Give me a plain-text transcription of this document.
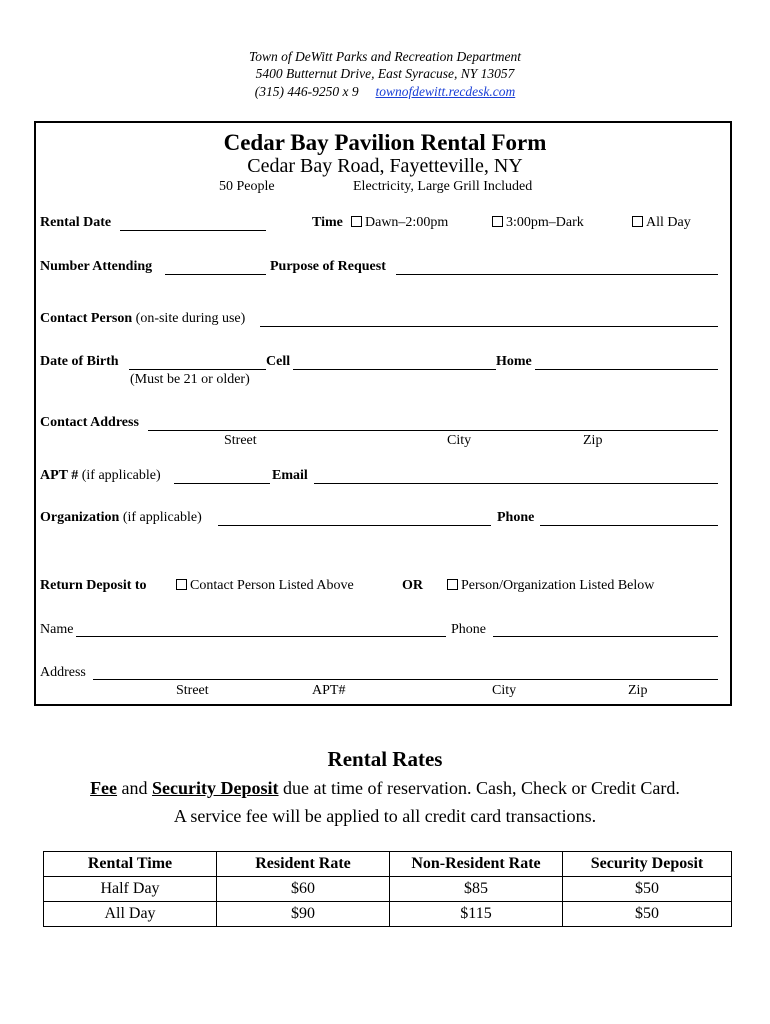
Town of DeWitt Parks and Recreation Department
5400 Butternut Drive, East Syracuse, NY 13057
(315) 446-9250 x 9 townofdewitt.recdesk.com
Cedar Bay Pavilion Rental Form
Cedar Bay Road, Fayetteville, NY
50 People	Electricity, Large Grill Included
Rental Date	Time	Dawn–2:00pm	3:00pm–Dark	All Day
Number Attending	Purpose of Request
Contact Person (on-site during use)
Date of Birth	Cell	Home
(Must be 21 or older)
Contact Address
Street	City	Zip
APT # (if applicable)	Email
Organization (if applicable)	Phone
Return Deposit to	Contact Person Listed Above	OR	Person/Organization Listed Below
Name	Phone
Address
Street	APT#	City	Zip
Rental Rates
Fee and Security Deposit due at time of reservation. Cash, Check or Credit Card.
A service fee will be applied to all credit card transactions.
Rental Time	Resident Rate	Non-Resident Rate	Security Deposit
Half Day	$60	$85	$50
All Day	$90	$115	$50
